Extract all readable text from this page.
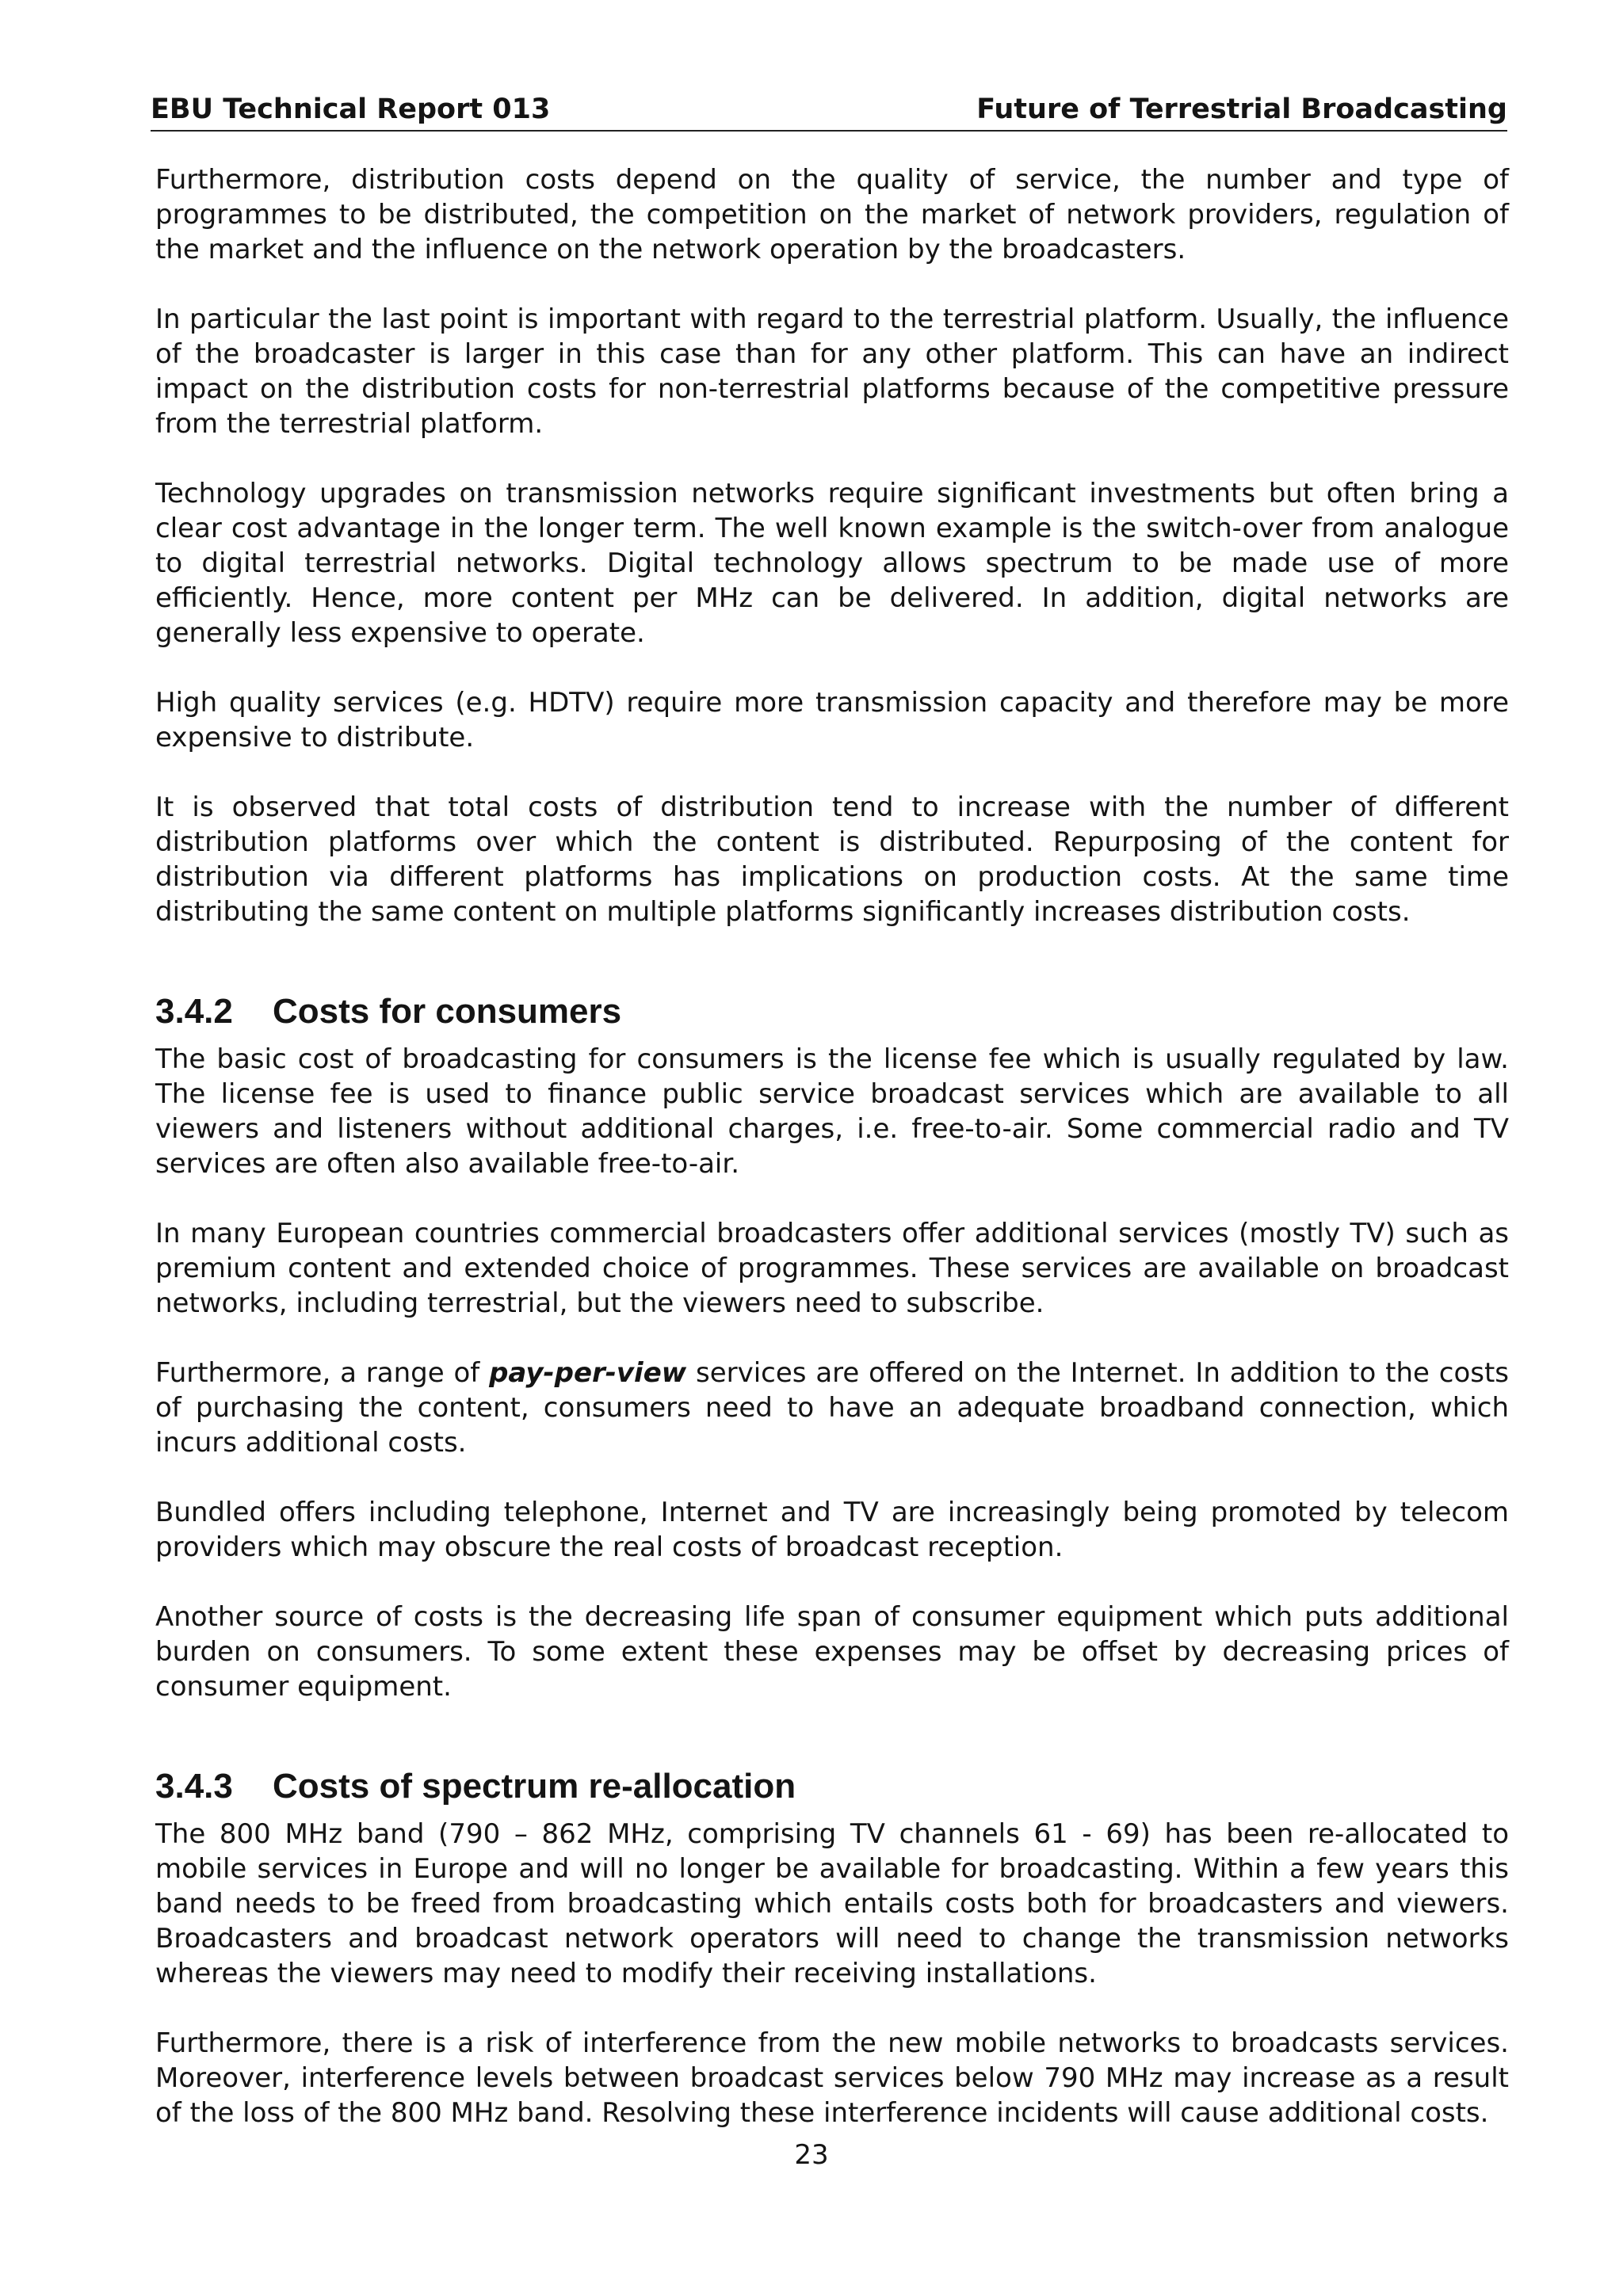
EBU Technical Report 013	Future of Terrestrial Broadcasting

Furthermore, distribution costs depend on the quality of service, the number and type of programmes to be distributed, the competition on the market of network providers, regulation of the market and the influence on the network operation by the broadcasters.

In particular the last point is important with regard to the terrestrial platform. Usually, the influence of the broadcaster is larger in this case than for any other platform. This can have an indirect impact on the distribution costs for non-terrestrial platforms because of the competitive pressure from the terrestrial platform.

Technology upgrades on transmission networks require significant investments but often bring a clear cost advantage in the longer term. The well known example is the switch-over from analogue to digital terrestrial networks. Digital technology allows spectrum to be made use of more efficiently. Hence, more content per MHz can be delivered. In addition, digital networks are generally less expensive to operate.

High quality services (e.g. HDTV) require more transmission capacity and therefore may be more expensive to distribute.

It is observed that total costs of distribution tend to increase with the number of different distribution platforms over which the content is distributed. Repurposing of the content for distribution via different platforms has implications on production costs. At the same time distributing the same content on multiple platforms significantly increases distribution costs.

3.4.2 Costs for consumers

The basic cost of broadcasting for consumers is the license fee which is usually regulated by law. The license fee is used to finance public service broadcast services which are available to all viewers and listeners without additional charges, i.e. free-to-air. Some commercial radio and TV services are often also available free-to-air.

In many European countries commercial broadcasters offer additional services (mostly TV) such as premium content and extended choice of programmes. These services are available on broadcast networks, including terrestrial, but the viewers need to subscribe.

Furthermore, a range of pay-per-view services are offered on the Internet. In addition to the costs of purchasing the content, consumers need to have an adequate broadband connection, which incurs additional costs.

Bundled offers including telephone, Internet and TV are increasingly being promoted by telecom providers which may obscure the real costs of broadcast reception.

Another source of costs is the decreasing life span of consumer equipment which puts additional burden on consumers. To some extent these expenses may be offset by decreasing prices of consumer equipment.

3.4.3 Costs of spectrum re-allocation

The 800 MHz band (790 – 862 MHz, comprising TV channels 61 - 69) has been re-allocated to mobile services in Europe and will no longer be available for broadcasting. Within a few years this band needs to be freed from broadcasting which entails costs both for broadcasters and viewers. Broadcasters and broadcast network operators will need to change the transmission networks whereas the viewers may need to modify their receiving installations.

Furthermore, there is a risk of interference from the new mobile networks to broadcasts services. Moreover, interference levels between broadcast services below 790 MHz may increase as a result of the loss of the 800 MHz band. Resolving these interference incidents will cause additional costs.

23
